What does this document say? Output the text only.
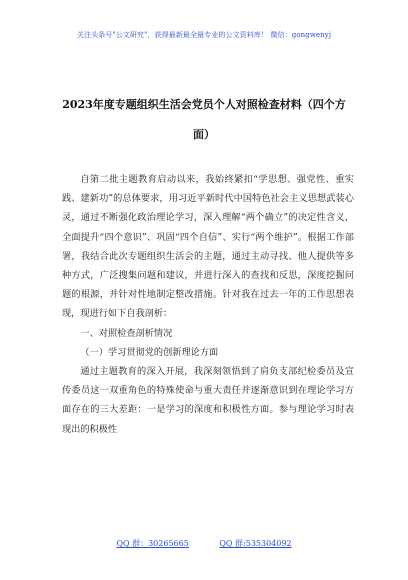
关注头条号"公文研究"，获得最新最全最专业的公文资料库！ 微信：gongwenyj
2023年度专题组织生活会党员个人对照检查材料（四个方
面）

自第二批主题教育启动以来，我始终紧扣“学思想、强党性、重实践、建新功”的总体要求，用习近平新时代中国特色社会主义思想武装心灵，通过不断强化政治理论学习，深入理解“两个确立”的决定性含义，全面提升“四个意识”、巩固“四个自信”、实行“两个维护”。根据工作部署，我结合此次专题组织生活会的主题，通过主动寻找、他人提供等多种方式，广泛搜集问题和建议，并进行深入的查找和反思，深度挖掘问题的根源，并针对性地制定整改措施。针对我在过去一年的工作思想表现，现进行如下自我剖析：

一、对照检查剖析情况

（一）学习贯彻党的创新理论方面

通过主题教育的深入开展，我深刻领悟到了肩负支部纪检委员及宣传委员这一双重角色的特殊使命与重大责任并逐渐意识到在理论学习方面存在的三大差距：一是学习的深度和积极性方面。参与理论学习时表现出的积极性

QQ 群：30265665	QQ 群:535304092
